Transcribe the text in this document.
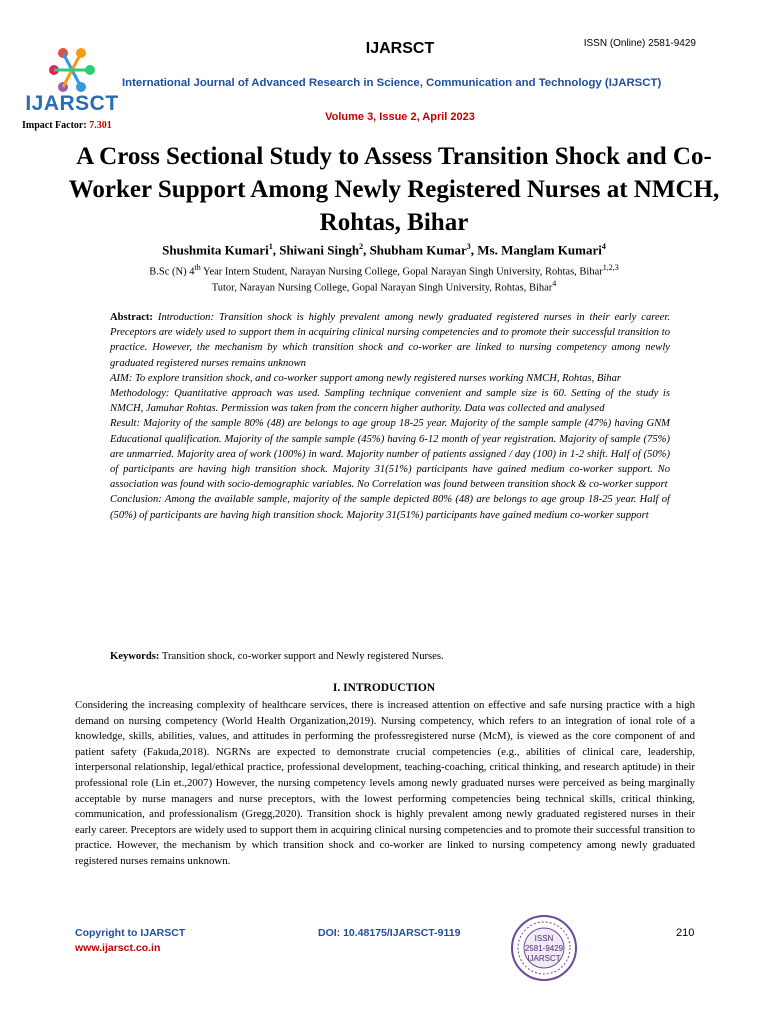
IJARSCT
Impact Factor: 7.301
IJARSCT	ISSN (Online) 2581-9429
International Journal of Advanced Research in Science, Communication and Technology (IJARSCT)
Volume 3, Issue 2, April 2023
A Cross Sectional Study to Assess Transition Shock and Co- Worker Support Among Newly Registered Nurses at NMCH, Rohtas, Bihar
Shushmita Kumari$^1$, Shiwani Singh$^2$, Shubham Kumar$^3$, Ms. Manglam Kumari$^4$
B.Sc (N) 4th Year Intern Student, Narayan Nursing College, Gopal Narayan Singh University, Rohtas, Bihar$^{1,2,3}$
Tutor, Narayan Nursing College, Gopal Narayan Singh University, Rohtas, Bihar$^4$

Abstract: Introduction: Transition shock is highly prevalent among newly graduated registered nurses in their early career. Preceptors are widely used to support them in acquiring clinical nursing competencies and to promote their successful transition to practice. However, the mechanism by which transition shock and co-worker are linked to nursing competency among newly graduated registered nurses remains unknown

AIM: To explore transition shock, and co-worker support among newly registered nurses working NMCH, Rohtas, Bihar

Methodology: Quantitative approach was used. Sampling technique convenient and sample size is 60. Setting of the study is NMCH, Jamuhar Rohtas. Permission was taken from the concern higher authority. Data was collected and analysed

Result: Majority of the sample 80% (48) are belongs to age group 18-25 year. Majority of the sample sample (47%) having GNM Educational qualification. Majority of the sample sample (45%) having 6-12 month of year registration. Majority of sample (75%) are unmarried. Majority area of work (100%) in ward. Majority number of patients assigned / day (100) in 1-2 shift. Half of (50%) of participants are having high transition shock. Majority 31(51%) participants have gained medium co-worker support. No association was found with socio-demographic variables. No Correlation was found between transition shock & co-worker support

Conclusion: Among the available sample, majority of the sample depicted 80% (48) are belongs to age group 18-25 year. Half of (50%) of participants are having high transition shock. Majority 31(51%) participants have gained medium co-worker support

Keywords: Transition shock, co-worker support and Newly registered Nurses.
I. INTRODUCTION

Considering the increasing complexity of healthcare services, there is increased attention on effective and safe nursing practice with a high demand on nursing competency (World Health Organization,2019). Nursing competency, which refers to an integration of ional role of a knowledge, skills, abilities, values, and attitudes in performing the professregistered nurse (McM), is viewed as the core component of and patient safety (Fakuda,2018). NGRNs are expected to demonstrate crucial competencies (e.g., abilities of clinical care, leadership, interpersonal relationship, legal/ethical practice, professional development, teaching-coaching, critical thinking, and research aptitude) in their professional role (Lin et.,2007) However, the nursing competency levels among newly graduated nurses were perceived as being marginally acceptable by nurse managers and nurse preceptors, with the lowest performing competencies being technical skills, critical thinking, communication, and professionalism (Gregg,2020). Transition shock is highly prevalent among newly graduated registered nurses in their early career. Preceptors are widely used to support them in acquiring clinical nursing competencies and to promote their successful transition to practice. However, the mechanism by which transition shock and co-worker are linked to nursing competency among newly graduated registered nurses remains unknown.

Copyright to IJARSCT
www.ijarsct.co.in
DOI: 10.48175/IJARSCT-9119	210
ISSN
2581-9429
IJARSCT
